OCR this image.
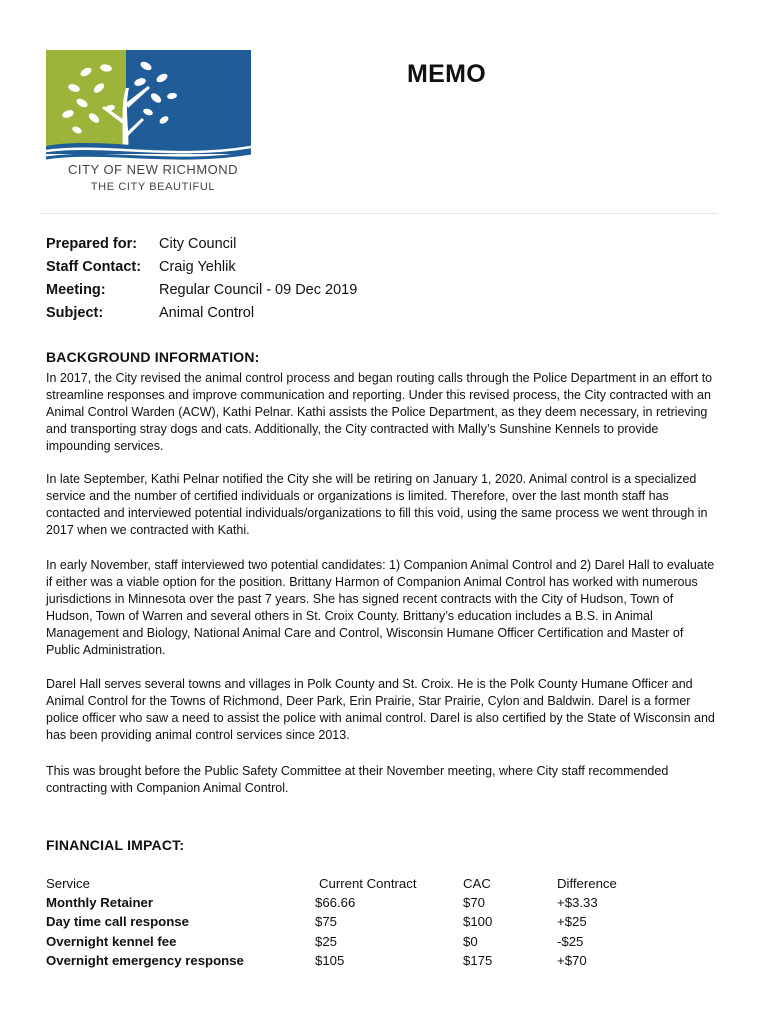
CITY OF NEW RICHMOND
THE CITY BEAUTIFUL
MEMO
Prepared for: City Council
Staff Contact: Craig Yehlik
Meeting:	Regular Council - 09 Dec 2019
Subject:	Animal Control
BACKGROUND INFORMATION:

In 2017, the City revised the animal control process and began routing calls through the Police Department in an effort to streamline responses and improve communication and reporting. Under this revised process, the City contracted with an Animal Control Warden (ACW), Kathi Pelnar. Kathi assists the Police Department, as they deem necessary, in retrieving and transporting stray dogs and cats. Additionally, the City contracted with Mally’s Sunshine Kennels to provide impounding services.

In late September, Kathi Pelnar notified the City she will be retiring on January 1, 2020. Animal control is a specialized service and the number of certified individuals or organizations is limited. Therefore, over the last month staff has contacted and interviewed potential individuals/organizations to fill this void, using the same process we went through in 2017 when we contracted with Kathi.

In early November, staff interviewed two potential candidates: 1) Companion Animal Control and 2) Darel Hall to evaluate if either was a viable option for the position. Brittany Harmon of Companion Animal Control has worked with numerous jurisdictions in Minnesota over the past 7 years. She has signed recent contracts with the City of Hudson, Town of Hudson, Town of Warren and several others in St. Croix County. Brittany’s education includes a B.S. in Animal Management and Biology, National Animal Care and Control, Wisconsin Humane Officer Certification and Master of Public Administration.

Darel Hall serves several towns and villages in Polk County and St. Croix. He is the Polk County Humane Officer and Animal Control for the Towns of Richmond, Deer Park, Erin Prairie, Star Prairie, Cylon and Baldwin. Darel is a former police officer who saw a need to assist the police with animal control. Darel is also certified by the State of Wisconsin and has been providing animal control services since 2013.

This was brought before the Public Safety Committee at their November meeting, where City staff recommended contracting with Companion Animal Control.

FINANCIAL IMPACT:
Service	Current Contract	CAC	Difference
Monthly Retainer	$66.66	$70	+$3.33
Day time call response	$75	$100	+$25
Overnight kennel fee	$25	$0	-$25
Overnight emergency response	$105	$175	+$70
